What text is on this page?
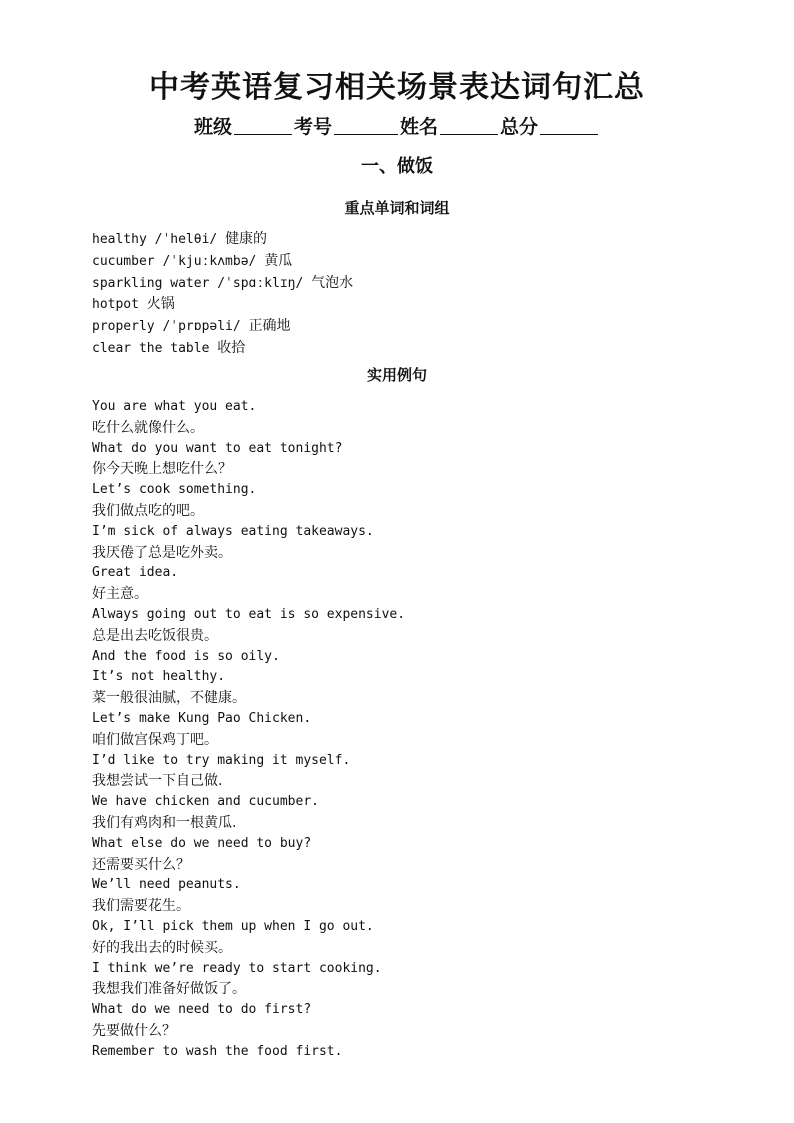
中考英语复习相关场景表达词句汇总
班级	考号	姓名	总分
一、做饭
重点单词和词组
healthy /ˈhelθi/ 健康的
cucumber /ˈkjuːkʌmbə/ 黄瓜
sparkling water /ˈspɑːklɪŋ/ 气泡水
hotpot 火锅
properly /ˈprɒpəli/ 正确地
clear the table 收拾
实用例句
You are what you eat.
吃什么就像什么。
What do you want to eat tonight?
你今天晚上想吃什么？
Let’s cook something.
我们做点吃的吧。
I’m sick of always eating takeaways.
我厌倦了总是吃外卖。
Great idea.
好主意。
Always going out to eat is so expensive.
总是出去吃饭很贵。
And the food is so oily.
It’s not healthy.
菜一般很油腻，不健康。
Let’s make Kung Pao Chicken.
咱们做宫保鸡丁吧。
I’d like to try making it myself.
我想尝试一下自己做.
We have chicken and cucumber.
我们有鸡肉和一根黄瓜.
What else do we need to buy?
还需要买什么？
We’ll need peanuts.
我们需要花生。
Ok, I’ll pick them up when I go out.
好的我出去的时候买。
I think we’re ready to start cooking.
我想我们准备好做饭了。
What do we need to do first?
先要做什么？
Remember to wash the food first.
